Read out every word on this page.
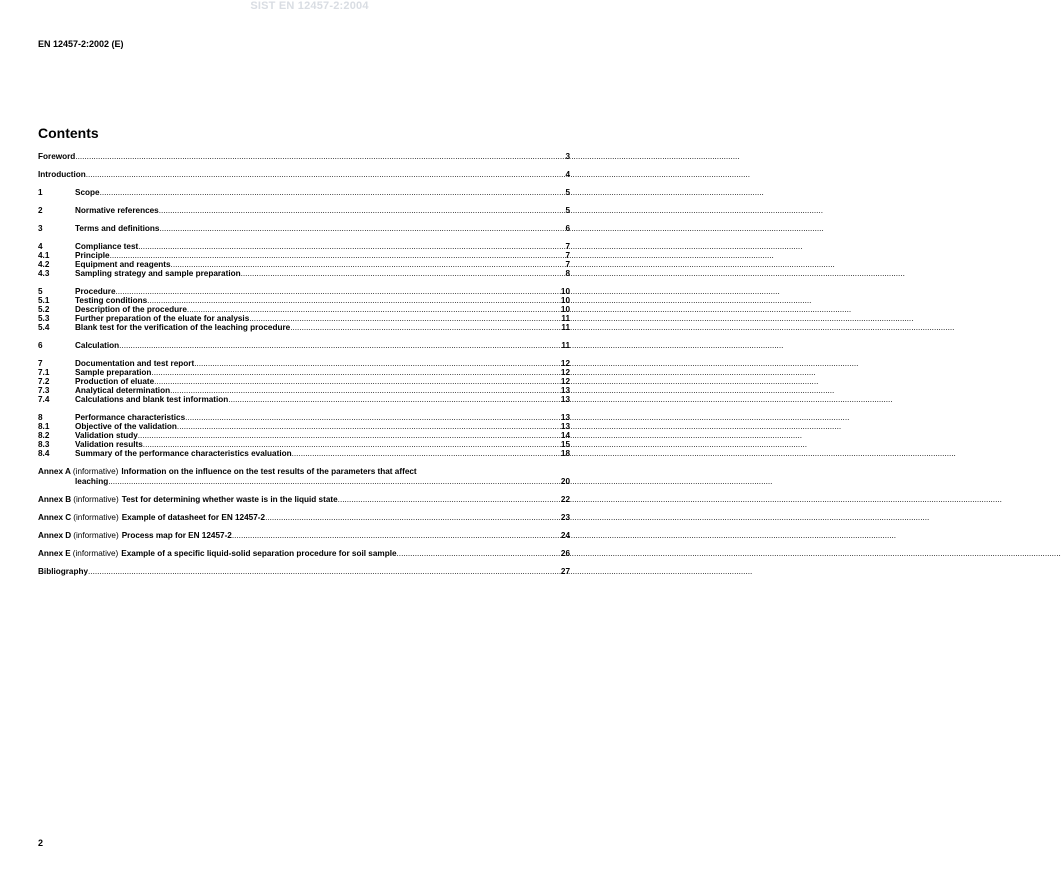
SIST EN 12457-2:2004
EN 12457-2:2002 (E)
Contents
Foreword .....	3
Introduction .....	4
1	Scope .....	5
2	Normative references .....	5
3	Terms and definitions .....	6
4	Compliance test .....	7
4.1	Principle .....	7
4.2	Equipment and reagents .....	7
4.3	Sampling strategy and sample preparation .....	8
5	Procedure .....	10
5.1	Testing conditions .....	10
5.2	Description of the procedure .....	10
5.3	Further preparation of the eluate for analysis .....	11
5.4	Blank test for the verification of the leaching procedure .....	11
6	Calculation .....	11
7	Documentation and test report .....	12
7.1	Sample preparation .....	12
7.2	Production of eluate .....	12
7.3	Analytical determination .....	13
7.4	Calculations and blank test information .....	13
8	Performance characteristics .....	13
8.1	Objective of the validation .....	13
8.2	Validation study .....	14
8.3	Validation results .....	15
8.4	Summary of the performance characteristics evaluation .....	18
Annex A (informative) Information on the influence on the test results of the parameters that affect
leaching .....	20
Annex B (informative) Test for determining whether waste is in the liquid state .....	22
Annex C (informative) Example of datasheet for EN 12457-2 .....	23
Annex D (informative) Process map for EN 12457-2 .....	24
Annex E (informative) Example of a specific liquid-solid separation procedure for soil sample .....	26
Bibliography .....	27
2
